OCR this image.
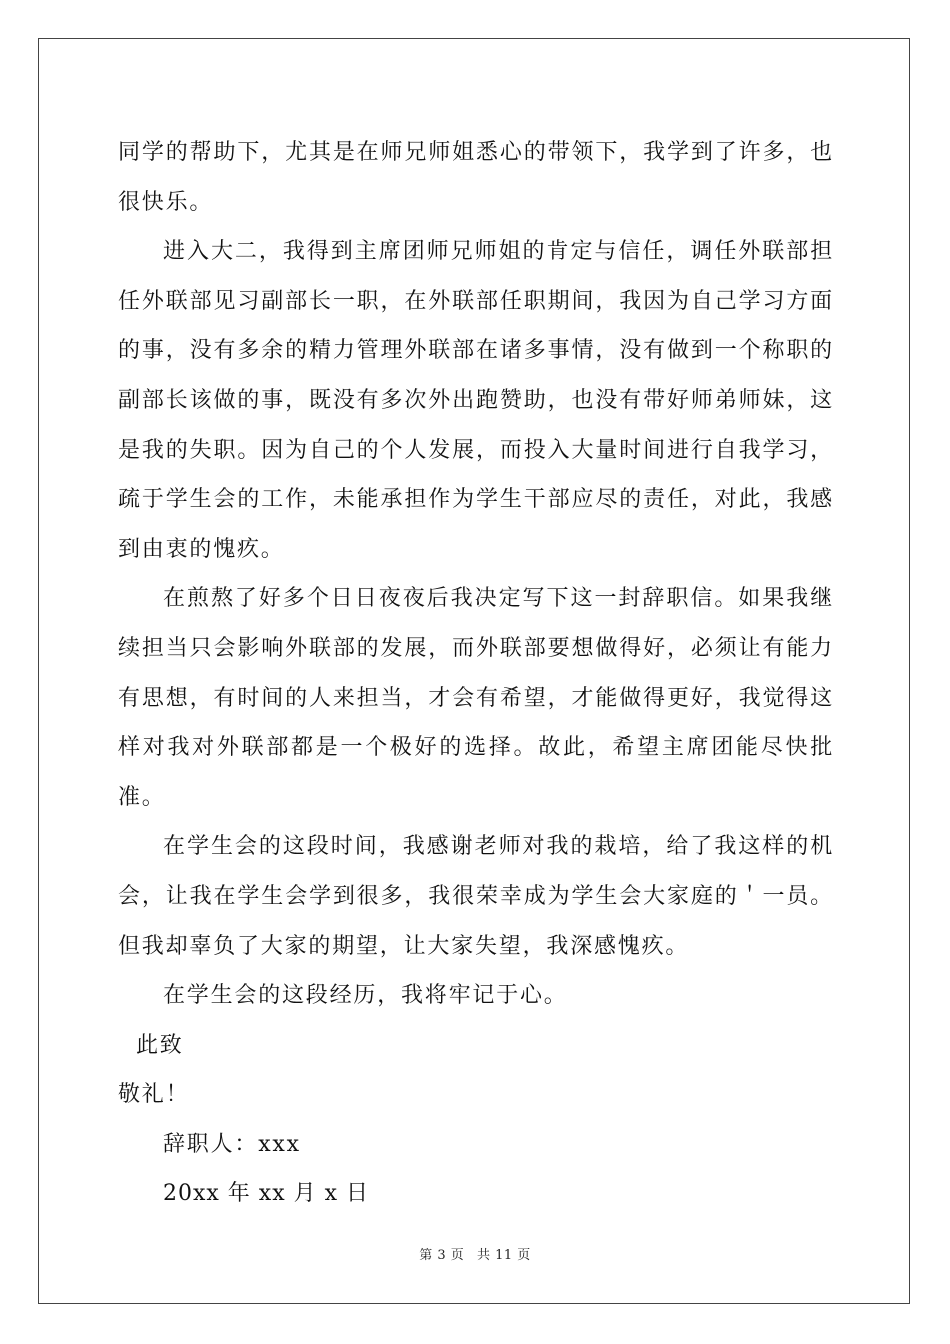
同学的帮助下，尤其是在师兄师姐悉心的带领下，我学到了许多，也很快乐。

进入大二，我得到主席团师兄师姐的肯定与信任，调任外联部担任外联部见习副部长一职，在外联部任职期间，我因为自己学习方面的事，没有多余的精力管理外联部在诸多事情，没有做到一个称职的副部长该做的事，既没有多次外出跑赞助，也没有带好师弟师妹，这是我的失职。因为自己的个人发展，而投入大量时间进行自我学习，疏于学生会的工作，未能承担作为学生干部应尽的责任，对此，我感到由衷的愧疚。

在煎熬了好多个日日夜夜后我决定写下这一封辞职信。如果我继续担当只会影响外联部的发展，而外联部要想做得好，必须让有能力有思想，有时间的人来担当，才会有希望，才能做得更好，我觉得这样对我对外联部都是一个极好的选择。故此，希望主席团能尽快批准。

在学生会的这段时间，我感谢老师对我的栽培，给了我这样的机会，让我在学生会学到很多，我很荣幸成为学生会大家庭的＇一员。但我却辜负了大家的期望，让大家失望，我深感愧疚。

在学生会的这段经历，我将牢记于心。

此致

敬礼！

辞职人：xxx

20xx 年 xx 月 x 日

第 3 页 共 11 页
